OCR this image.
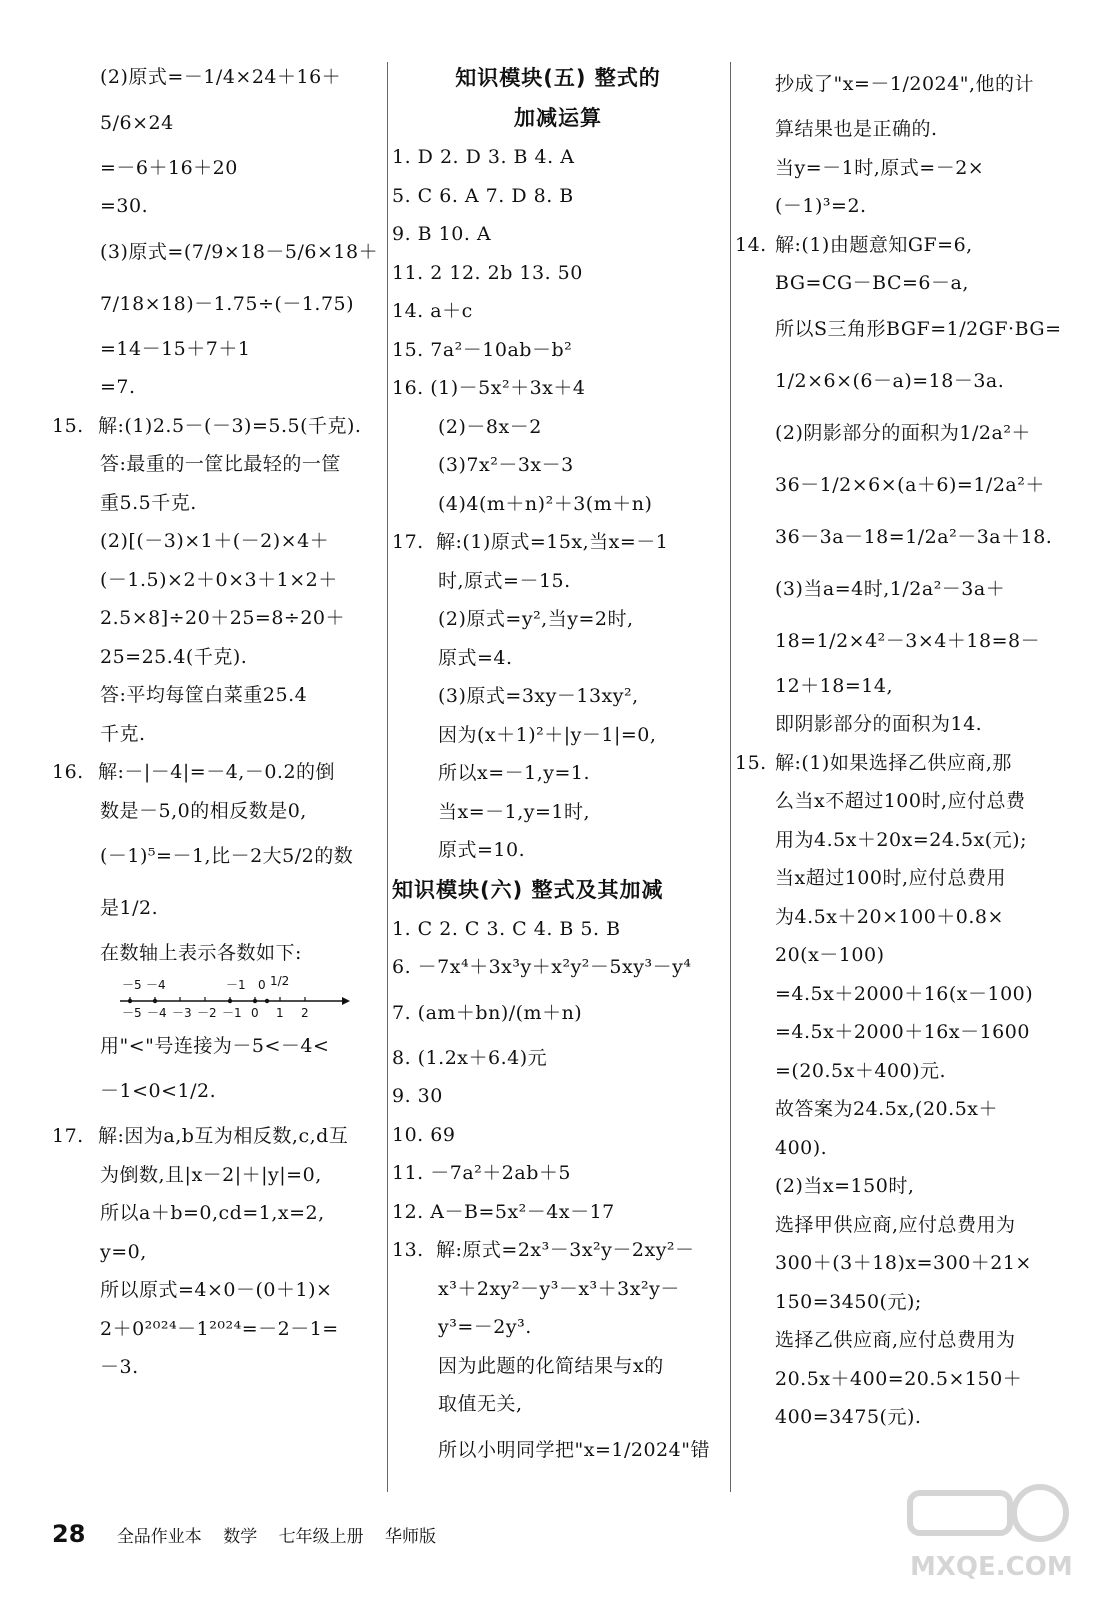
(2)原式=－1/4×24＋16＋
5/6×24
=－6＋16＋20
=30.
(3)原式=(7/9×18－5/6×18＋
7/18×18)－1.75÷(－1.75)
=14－15＋7＋1
=7.
15. 解:(1)2.5－(－3)=5.5(千克).
答:最重的一筐比最轻的一筐
重5.5千克.
(2)[(－3)×1＋(－2)×4＋
(－1.5)×2＋0×3＋1×2＋
2.5×8]÷20＋25=8÷20＋
25=25.4(千克).
答:平均每筐白菜重25.4
千克.
16. 解:－|－4|=－4,－0.2的倒
数是－5,0的相反数是0,
(－1)⁵=－1,比－2大5/2的数
是1/2.
在数轴上表示各数如下:
－5 －4	－1 0 1/2
－5 －4 －3 －2 －1 0 1 2
用"<"号连接为－5<－4<
－1<0<1/2.
17. 解:因为a,b互为相反数,c,d互
为倒数,且|x－2|＋|y|=0,
所以a＋b=0,cd=1,x=2,
y=0,
所以原式=4×0－(0＋1)×
2＋0²⁰²⁴－1²⁰²⁴=－2－1=
－3.
知识模块(五) 整式的
加减运算
1. D 2. D 3. B 4. A
5. C 6. A 7. D 8. B
9. B 10. A
11. 2 12. 2b 13. 50
14. a＋c
15. 7a²－10ab－b²
16. (1)－5x²＋3x＋4
(2)－8x－2
(3)7x²－3x－3
(4)4(m＋n)²＋3(m＋n)
17. 解:(1)原式=15x,当x=－1
时,原式=－15.
(2)原式=y²,当y=2时,
原式=4.
(3)原式=3xy－13xy²,
因为(x＋1)²＋|y－1|=0,
所以x=－1,y=1.
当x=－1,y=1时,
原式=10.
知识模块(六) 整式及其加减
1. C 2. C 3. C 4. B 5. B
6. －7x⁴＋3x³y＋x²y²－5xy³－y⁴
7. (am＋bn)/(m＋n)
8. (1.2x＋6.4)元
9. 30
10. 69
11. －7a²＋2ab＋5
12. A－B=5x²－4x－17
13. 解:原式=2x³－3x²y－2xy²－
x³＋2xy²－y³－x³＋3x²y－
y³=－2y³.
因为此题的化简结果与x的
取值无关,
所以小明同学把"x=1/2024"错
抄成了"x=－1/2024",他的计
算结果也是正确的.
当y=－1时,原式=－2×
(－1)³=2.
14. 解:(1)由题意知GF=6,
BG=CG－BC=6－a,
所以S三角形BGF=1/2GF·BG=
1/2×6×(6－a)=18－3a.
(2)阴影部分的面积为1/2a²＋
36－1/2×6×(a＋6)=1/2a²＋
36－3a－18=1/2a²－3a＋18.
(3)当a=4时,1/2a²－3a＋
18=1/2×4²－3×4＋18=8－
12＋18=14,
即阴影部分的面积为14.
15. 解:(1)如果选择乙供应商,那
么当x不超过100时,应付总费
用为4.5x＋20x=24.5x(元);
当x超过100时,应付总费用
为4.5x＋20×100＋0.8×
20(x－100)
=4.5x＋2000＋16(x－100)
=4.5x＋2000＋16x－1600
=(20.5x＋400)元.
故答案为24.5x,(20.5x＋
400).
(2)当x=150时,
选择甲供应商,应付总费用为
300＋(3＋18)x=300＋21×
150=3450(元);
选择乙供应商,应付总费用为
20.5x＋400=20.5×150＋
400=3475(元).
28 全品作业本 数学 七年级上册 华师版
MXQE.COM
